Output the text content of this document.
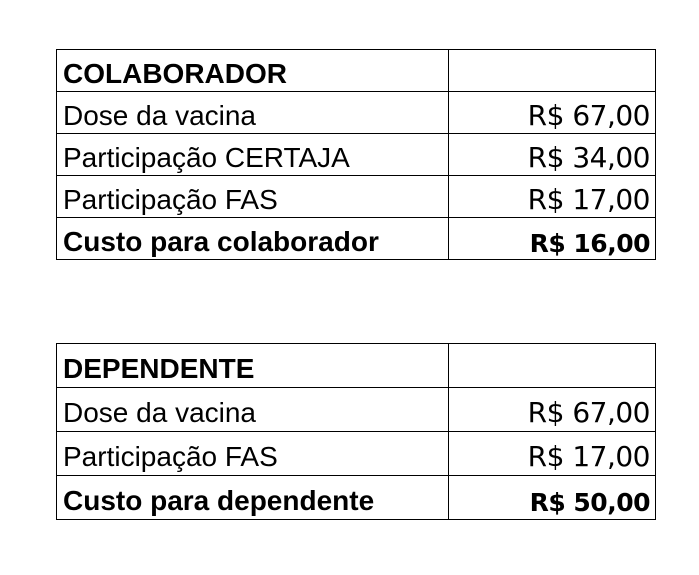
COLABORADOR	
Dose da vacina	R$ 67,00
Participação CERTAJA	R$ 34,00
Participação FAS	R$ 17,00
Custo para colaborador	R$ 16,00
DEPENDENTE	
Dose da vacina	R$ 67,00
Participação FAS	R$ 17,00
Custo para dependente	R$ 50,00
